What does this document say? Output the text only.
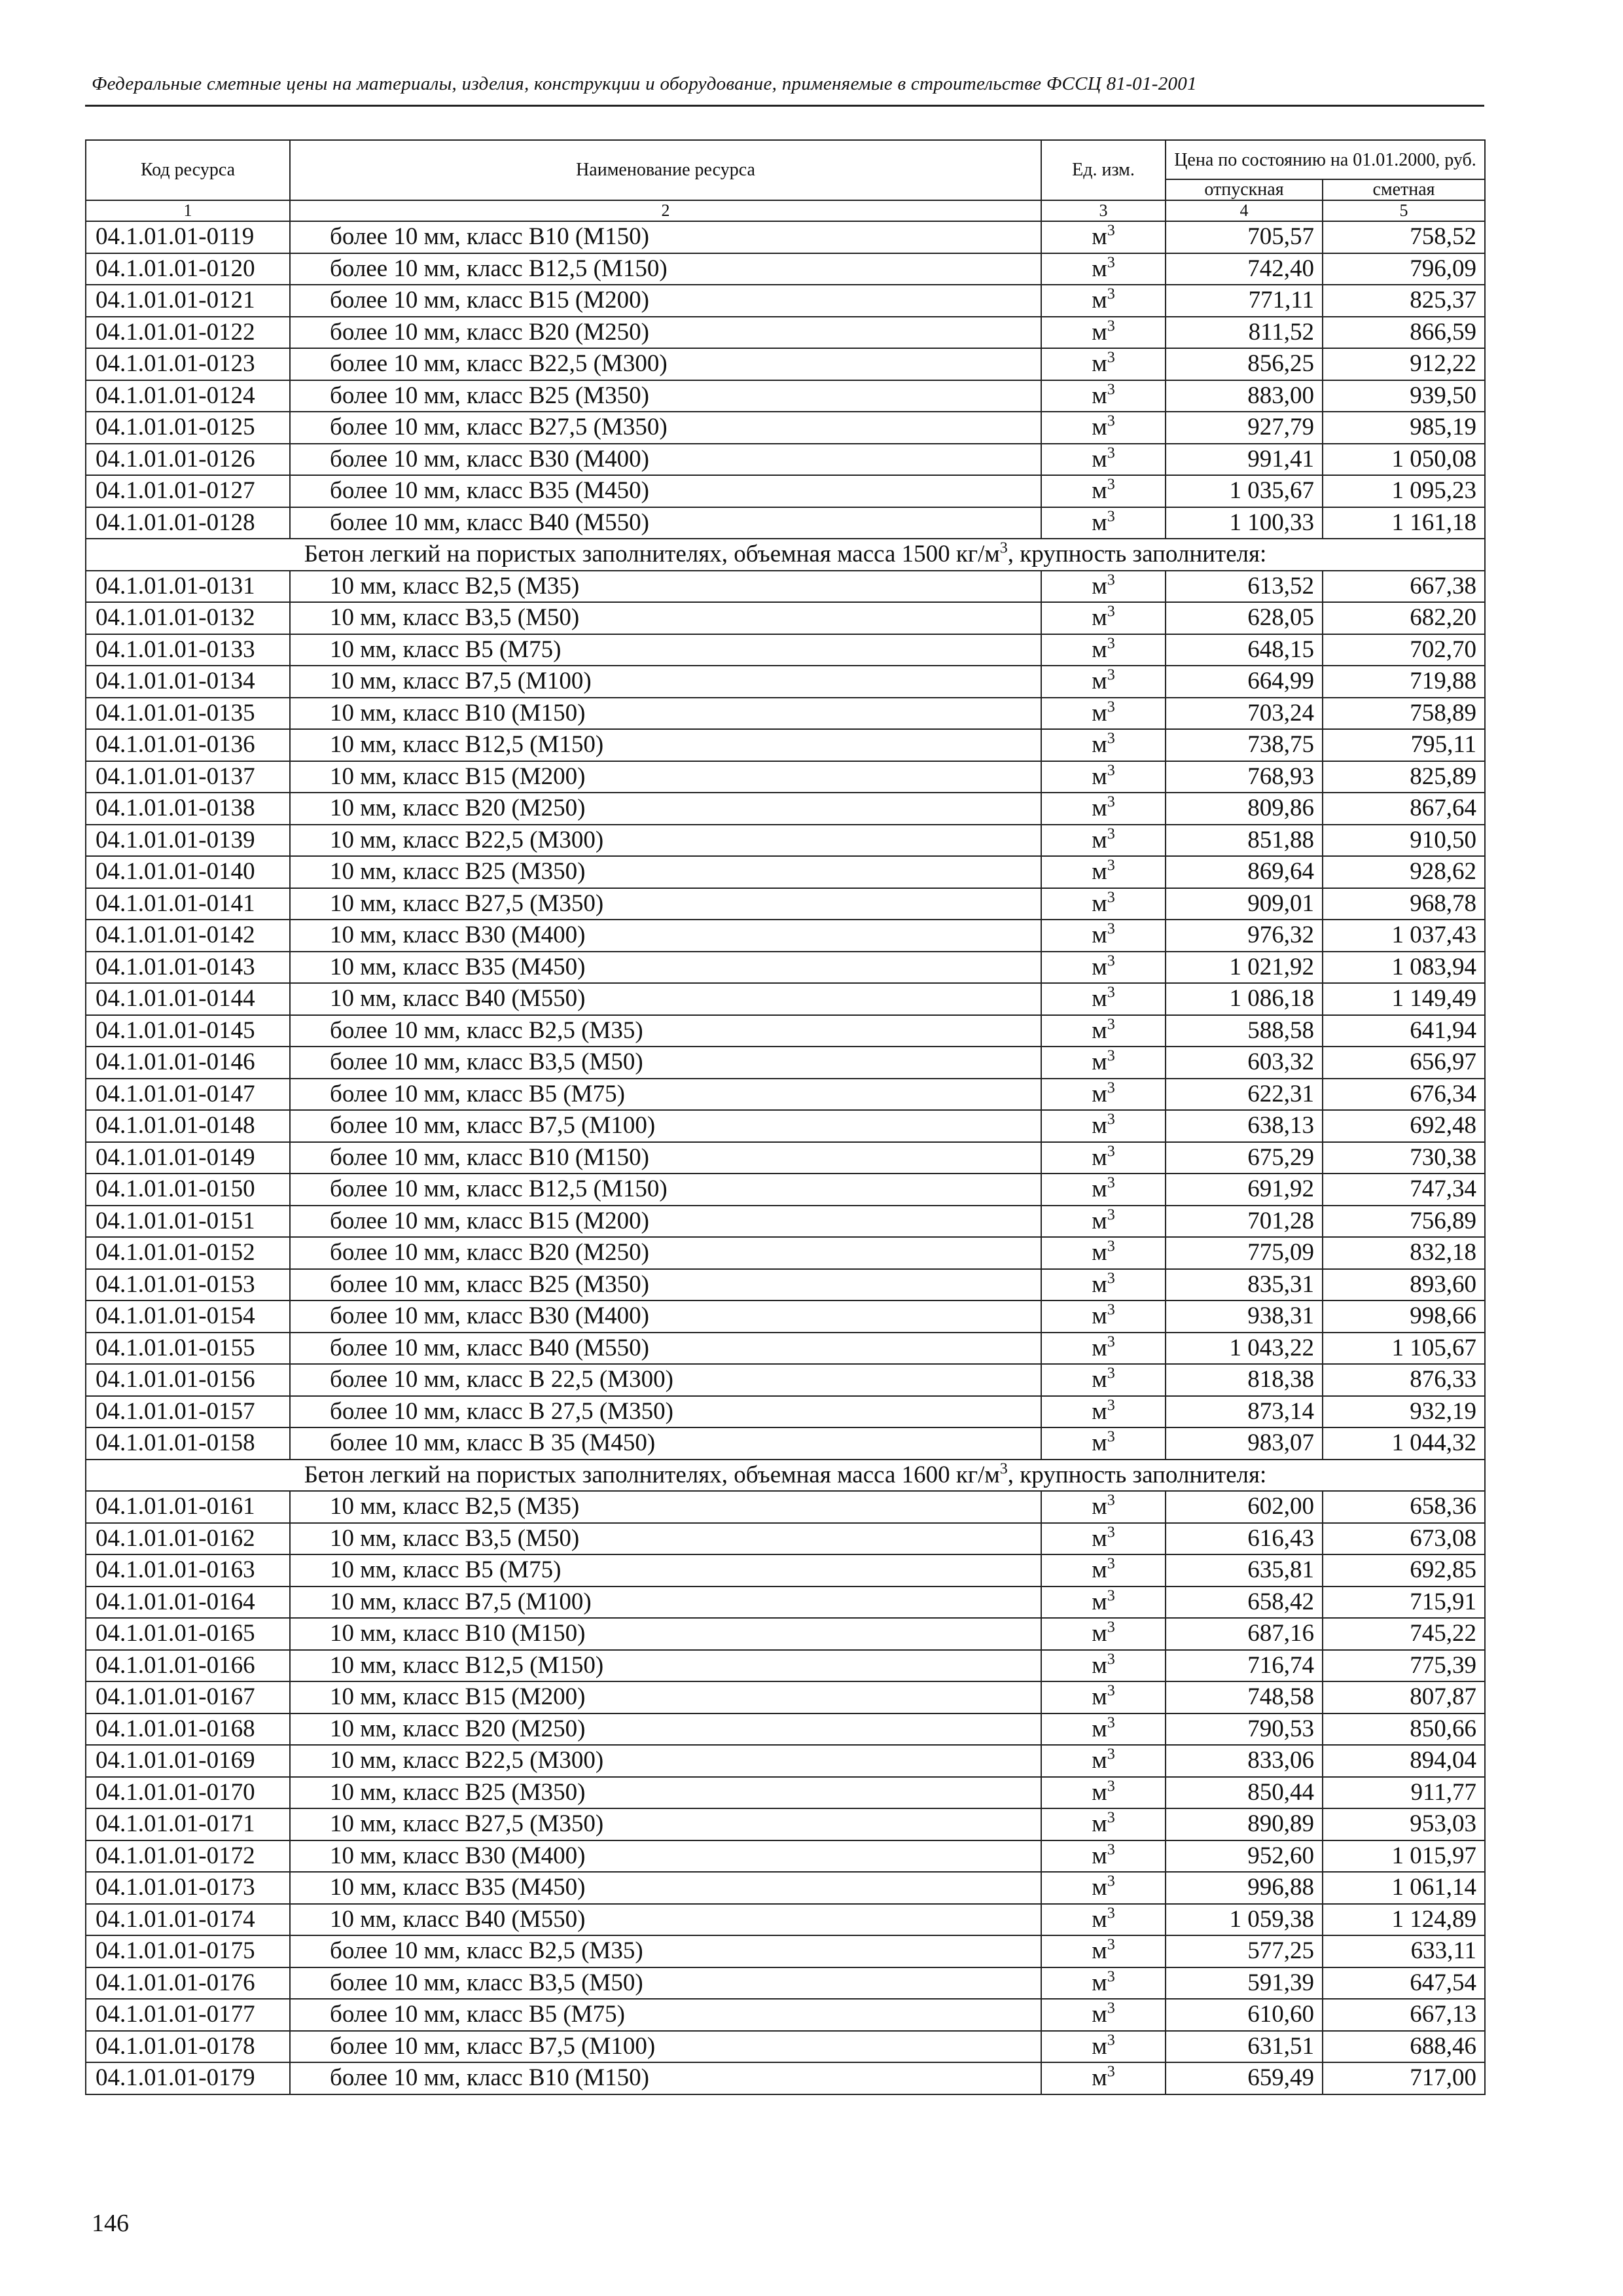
Федеральные сметные цены на материалы, изделия, конструкции и оборудование, применяемые в строительстве ФССЦ 81-01-2001
Код ресурса	Наименование ресурса	Ед. изм.	Цена по состоянию на 01.01.2000, руб.	
			отпускная	сметная
1	2	3	4	5
04.1.01.01-0119	более 10 мм, класс В10 (М150)	$м^3$	705,57	758,52
04.1.01.01-0120	более 10 мм, класс В12,5 (М150)	$м^3$	742,40	796,09
04.1.01.01-0121	более 10 мм, класс В15 (М200)	$м^3$	771,11	825,37
04.1.01.01-0122	более 10 мм, класс В20 (М250)	$м^3$	811,52	866,59
04.1.01.01-0123	более 10 мм, класс В22,5 (М300)	$м^3$	856,25	912,22
04.1.01.01-0124	более 10 мм, класс В25 (М350)	$м^3$	883,00	939,50
04.1.01.01-0125	более 10 мм, класс В27,5 (М350)	$м^3$	927,79	985,19
04.1.01.01-0126	более 10 мм, класс В30 (М400)	$м^3$	991,41	1 050,08
04.1.01.01-0127	более 10 мм, класс В35 (М450)	$м^3$	1 035,67	1 095,23
04.1.01.01-0128	более 10 мм, класс В40 (М550)	$м^3$	1 100,33	1 161,18
Бетон легкий на пористых заполнителях, объемная масса 1500 $кг/м^3$, крупность заполнителя:				
04.1.01.01-0131	10 мм, класс В2,5 (М35)	$м^3$	613,52	667,38
04.1.01.01-0132	10 мм, класс В3,5 (М50)	$м^3$	628,05	682,20
04.1.01.01-0133	10 мм, класс В5 (М75)	$м^3$	648,15	702,70
04.1.01.01-0134	10 мм, класс В7,5 (М100)	$м^3$	664,99	719,88
04.1.01.01-0135	10 мм, класс В10 (М150)	$м^3$	703,24	758,89
04.1.01.01-0136	10 мм, класс В12,5 (М150)	$м^3$	738,75	795,11
04.1.01.01-0137	10 мм, класс В15 (М200)	$м^3$	768,93	825,89
04.1.01.01-0138	10 мм, класс В20 (М250)	$м^3$	809,86	867,64
04.1.01.01-0139	10 мм, класс В22,5 (М300)	$м^3$	851,88	910,50
04.1.01.01-0140	10 мм, класс В25 (М350)	$м^3$	869,64	928,62
04.1.01.01-0141	10 мм, класс В27,5 (М350)	$м^3$	909,01	968,78
04.1.01.01-0142	10 мм, класс В30 (М400)	$м^3$	976,32	1 037,43
04.1.01.01-0143	10 мм, класс В35 (М450)	$м^3$	1 021,92	1 083,94
04.1.01.01-0144	10 мм, класс В40 (М550)	$м^3$	1 086,18	1 149,49
04.1.01.01-0145	более 10 мм, класс В2,5 (М35)	$м^3$	588,58	641,94
04.1.01.01-0146	более 10 мм, класс В3,5 (М50)	$м^3$	603,32	656,97
04.1.01.01-0147	более 10 мм, класс В5 (М75)	$м^3$	622,31	676,34
04.1.01.01-0148	более 10 мм, класс В7,5 (М100)	$м^3$	638,13	692,48
04.1.01.01-0149	более 10 мм, класс В10 (М150)	$м^3$	675,29	730,38
04.1.01.01-0150	более 10 мм, класс В12,5 (М150)	$м^3$	691,92	747,34
04.1.01.01-0151	более 10 мм, класс В15 (М200)	$м^3$	701,28	756,89
04.1.01.01-0152	более 10 мм, класс В20 (М250)	$м^3$	775,09	832,18
04.1.01.01-0153	более 10 мм, класс В25 (М350)	$м^3$	835,31	893,60
04.1.01.01-0154	более 10 мм, класс В30 (М400)	$м^3$	938,31	998,66
04.1.01.01-0155	более 10 мм, класс В40 (М550)	$м^3$	1 043,22	1 105,67
04.1.01.01-0156	более 10 мм, класс В 22,5 (М300)	$м^3$	818,38	876,33
04.1.01.01-0157	более 10 мм, класс В 27,5 (М350)	$м^3$	873,14	932,19
04.1.01.01-0158	более 10 мм, класс В 35 (М450)	$м^3$	983,07	1 044,32
Бетон легкий на пористых заполнителях, объемная масса 1600 $кг/м^3$, крупность заполнителя:				
04.1.01.01-0161	10 мм, класс В2,5 (М35)	$м^3$	602,00	658,36
04.1.01.01-0162	10 мм, класс В3,5 (М50)	$м^3$	616,43	673,08
04.1.01.01-0163	10 мм, класс В5 (М75)	$м^3$	635,81	692,85
04.1.01.01-0164	10 мм, класс В7,5 (М100)	$м^3$	658,42	715,91
04.1.01.01-0165	10 мм, класс В10 (М150)	$м^3$	687,16	745,22
04.1.01.01-0166	10 мм, класс В12,5 (М150)	$м^3$	716,74	775,39
04.1.01.01-0167	10 мм, класс В15 (М200)	$м^3$	748,58	807,87
04.1.01.01-0168	10 мм, класс В20 (М250)	$м^3$	790,53	850,66
04.1.01.01-0169	10 мм, класс В22,5 (М300)	$м^3$	833,06	894,04
04.1.01.01-0170	10 мм, класс В25 (М350)	$м^3$	850,44	911,77
04.1.01.01-0171	10 мм, класс В27,5 (М350)	$м^3$	890,89	953,03
04.1.01.01-0172	10 мм, класс В30 (М400)	$м^3$	952,60	1 015,97
04.1.01.01-0173	10 мм, класс В35 (М450)	$м^3$	996,88	1 061,14
04.1.01.01-0174	10 мм, класс В40 (М550)	$м^3$	1 059,38	1 124,89
04.1.01.01-0175	более 10 мм, класс В2,5 (М35)	$м^3$	577,25	633,11
04.1.01.01-0176	более 10 мм, класс В3,5 (М50)	$м^3$	591,39	647,54
04.1.01.01-0177	более 10 мм, класс В5 (М75)	$м^3$	610,60	667,13
04.1.01.01-0178	более 10 мм, класс В7,5 (М100)	$м^3$	631,51	688,46
04.1.01.01-0179	более 10 мм, класс В10 (М150)	$м^3$	659,49	717,00
146
